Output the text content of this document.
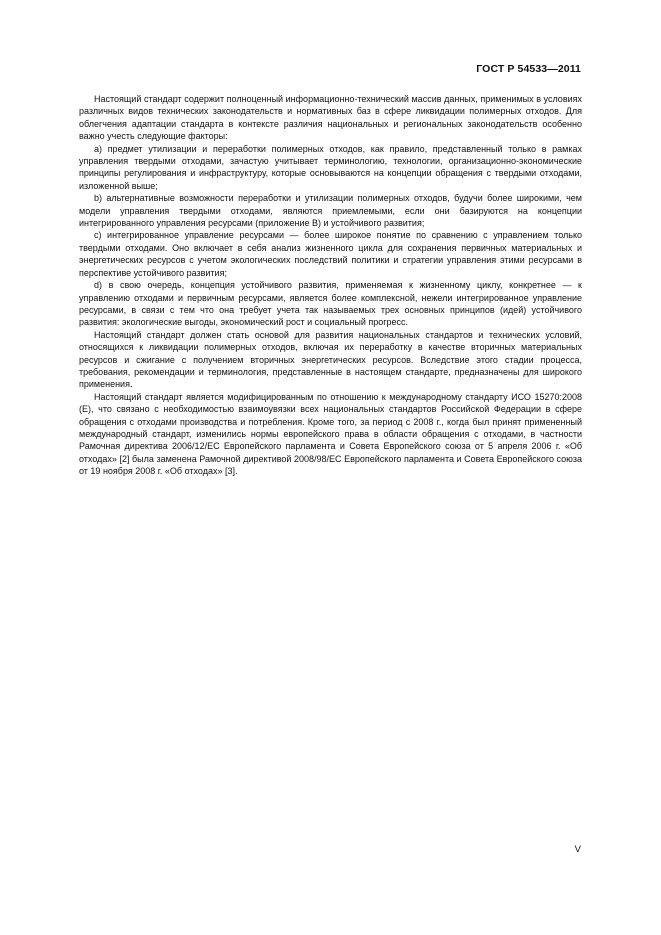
ГОСТ Р 54533—2011

Настоящий стандарт содержит полноценный информационно-технический массив данных, применимых в условиях различных видов технических законодательств и нормативных баз в сфере ликвидации полимерных отходов. Для облегчения адаптации стандарта в контексте различия национальных и региональных законодательств особенно важно учесть следующие факторы:

a) предмет утилизации и переработки полимерных отходов, как правило, представленный только в рамках управления твердыми отходами, зачастую учитывает терминологию, технологии, организационно-экономические принципы регулирования и инфраструктуру, которые основываются на концепции обращения с твердыми отходами, изложенной выше;

b) альтернативные возможности переработки и утилизации полимерных отходов, будучи более широкими, чем модели управления твердыми отходами, являются приемлемыми, если они базируются на концепции интегрированного управления ресурсами (приложение В) и устойчивого развития;

c) интегрированное управление ресурсами — более широкое понятие по сравнению с управлением только твердыми отходами. Оно включает в себя анализ жизненного цикла для сохранения первичных материальных и энергетических ресурсов с учетом экологических последствий политики и стратегии управления этими ресурсами в перспективе устойчивого развития;

d) в свою очередь, концепция устойчивого развития, применяемая к жизненному циклу, конкретнее — к управлению отходами и первичным ресурсами, является более комплексной, нежели интегрированное управление ресурсами, в связи с тем что она требует учета так называемых трех основных принципов (идей) устойчивого развития: экологические выгоды, экономический рост и социальный прогресс.

Настоящий стандарт должен стать основой для развития национальных стандартов и технических условий, относящихся к ликвидации полимерных отходов, включая их переработку в качестве вторичных материальных ресурсов и сжигание с получением вторичных энергетических ресурсов. Вследствие этого стадии процесса, требования, рекомендации и терминология, представленные в настоящем стандарте, предназначены для широкого применения.

Настоящий стандарт является модифицированным по отношению к международному стандарту ИСО 15270:2008 (Е), что связано с необходимостью взаимоувязки всех национальных стандартов Российской Федерации в сфере обращения с отходами производства и потребления. Кроме того, за период с 2008 г., когда был принят примененный международный стандарт, изменились нормы европейского права в области обращения с отходами, в частности Рамочная директива 2006/12/ЕС Европейского парламента и Совета Европейского союза от 5 апреля 2006 г. «Об отходах» [2] была заменена Рамочной директивой 2008/98/ЕС Европейского парламента и Совета Европейского союза от 19 ноября 2008 г. «Об отходах» [3].

V
